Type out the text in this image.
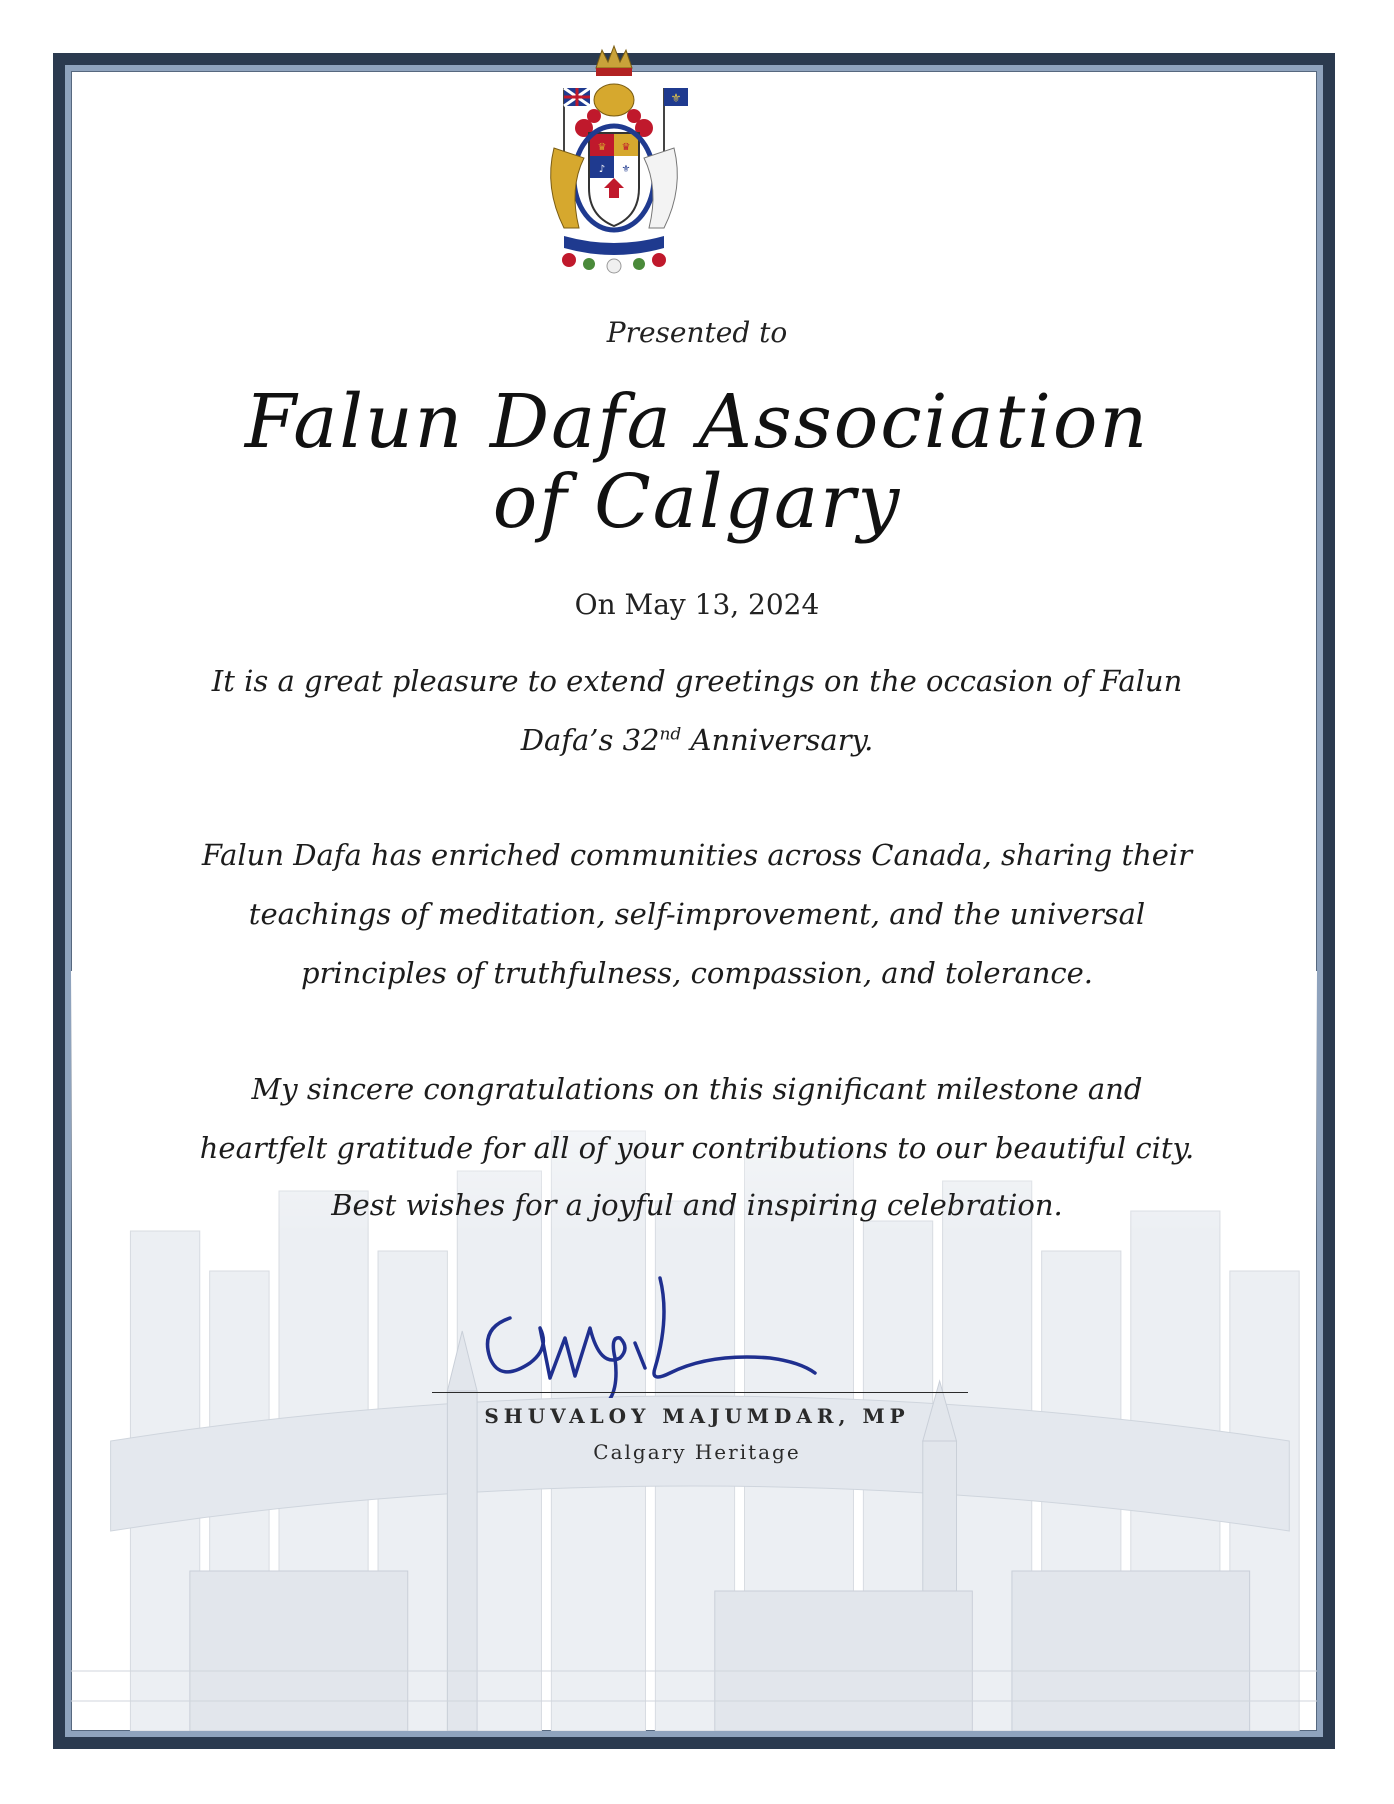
⚜
♛ ♛
♪ ⚜
Presented to
Falun Dafa Association
of Calgary
On May 13, 2024
It is a great pleasure to extend greetings on the occasion of Falun
Dafa’s 32nd Anniversary.
Falun Dafa has enriched communities across Canada, sharing their
teachings of meditation, self-improvement, and the universal
principles of truthfulness, compassion, and tolerance.
My sincere congratulations on this significant milestone and
heartfelt gratitude for all of your contributions to our beautiful city.
Best wishes for a joyful and inspiring celebration.
SHUVALOY MAJUMDAR, MP
Calgary Heritage
